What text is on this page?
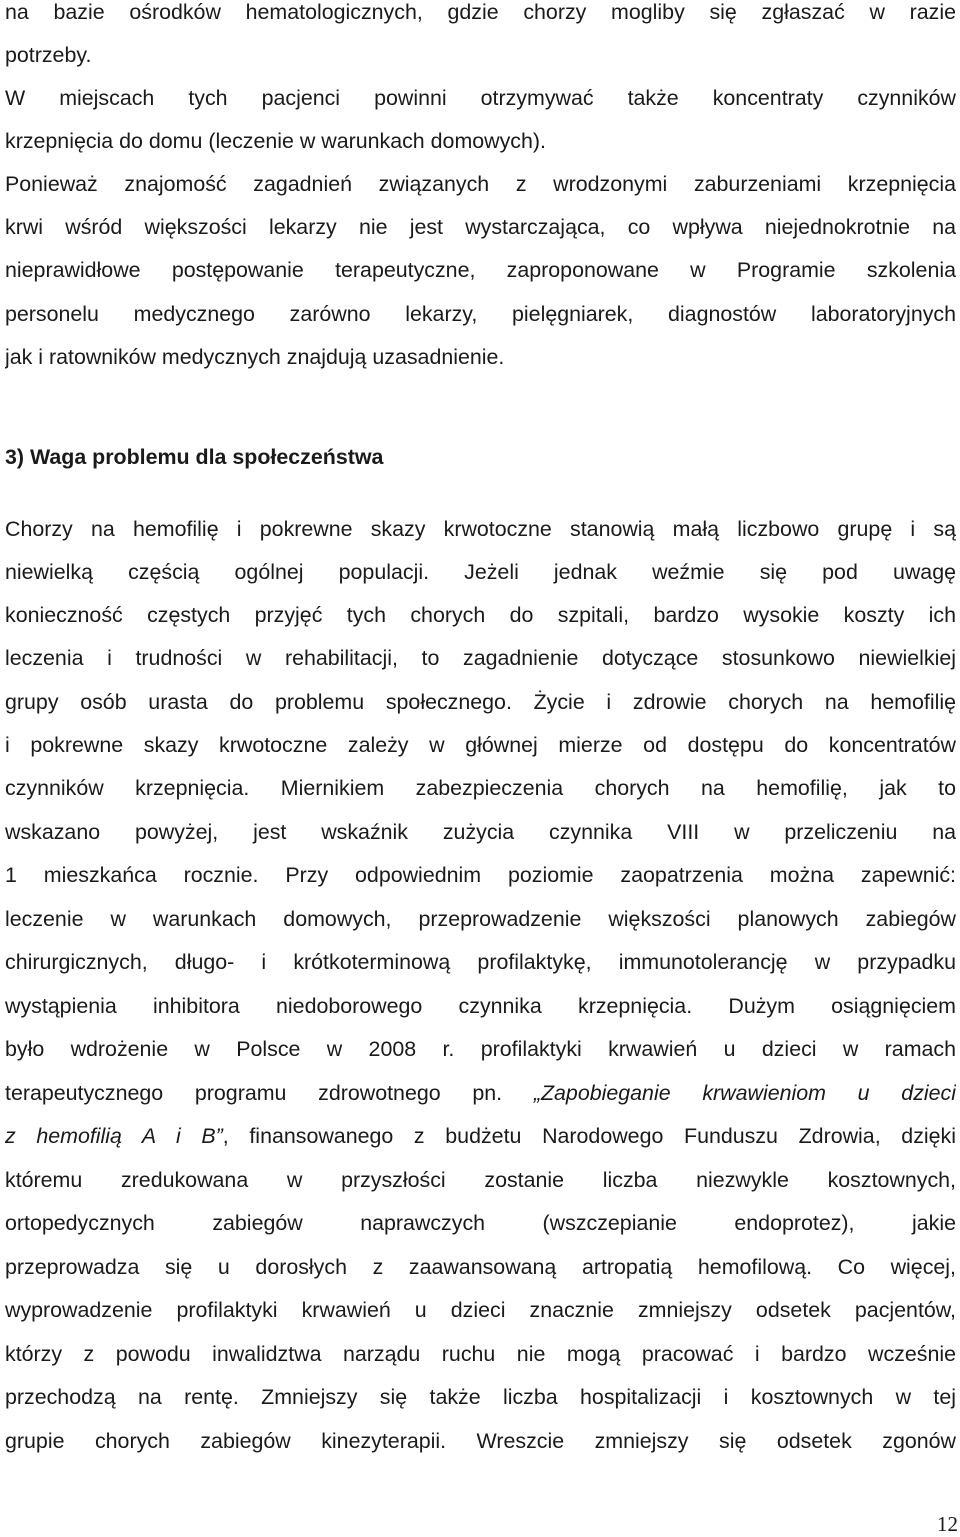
na bazie ośrodków hematologicznych, gdzie chorzy mogliby się zgłaszać w razie
potrzeby.
W miejscach tych pacjenci powinni otrzymywać także koncentraty czynników
krzepnięcia do domu (leczenie w warunkach domowych).
Ponieważ znajomość zagadnień związanych z wrodzonymi zaburzeniami krzepnięcia
krwi wśród większości lekarzy nie jest wystarczająca, co wpływa niejednokrotnie na
nieprawidłowe postępowanie terapeutyczne, zaproponowane w Programie szkolenia
personelu medycznego zarówno lekarzy, pielęgniarek, diagnostów laboratoryjnych
jak i ratowników medycznych znajdują uzasadnienie.
3) Waga problemu dla społeczeństwa
Chorzy na hemofilię i pokrewne skazy krwotoczne stanowią małą liczbowo grupę i są
niewielką częścią ogólnej populacji. Jeżeli jednak weźmie się pod uwagę
konieczność częstych przyjęć tych chorych do szpitali, bardzo wysokie koszty ich
leczenia i trudności w rehabilitacji, to zagadnienie dotyczące stosunkowo niewielkiej
grupy osób urasta do problemu społecznego. Życie i zdrowie chorych na hemofilię
i pokrewne skazy krwotoczne zależy w głównej mierze od dostępu do koncentratów
czynników krzepnięcia. Miernikiem zabezpieczenia chorych na hemofilię, jak to
wskazano powyżej, jest wskaźnik zużycia czynnika VIII w przeliczeniu na
1 mieszkańca rocznie. Przy odpowiednim poziomie zaopatrzenia można zapewnić:
leczenie w warunkach domowych, przeprowadzenie większości planowych zabiegów
chirurgicznych, długo- i krótkoterminową profilaktykę, immunotolerancję w przypadku
wystąpienia inhibitora niedoborowego czynnika krzepnięcia. Dużym osiągnięciem
było wdrożenie w Polsce w 2008 r. profilaktyki krwawień u dzieci w ramach
terapeutycznego programu zdrowotnego pn. „Zapobieganie krwawieniom u dzieci
z hemofilią A i B”, finansowanego z budżetu Narodowego Funduszu Zdrowia, dzięki
któremu zredukowana w przyszłości zostanie liczba niezwykle kosztownych,
ortopedycznych zabiegów naprawczych (wszczepianie endoprotez), jakie
przeprowadza się u dorosłych z zaawansowaną artropatią hemofilową. Co więcej,
wyprowadzenie profilaktyki krwawień u dzieci znacznie zmniejszy odsetek pacjentów,
którzy z powodu inwalidztwa narządu ruchu nie mogą pracować i bardzo wcześnie
przechodzą na rentę. Zmniejszy się także liczba hospitalizacji i kosztownych w tej
grupie chorych zabiegów kinezyterapii. Wreszcie zmniejszy się odsetek zgonów
12
